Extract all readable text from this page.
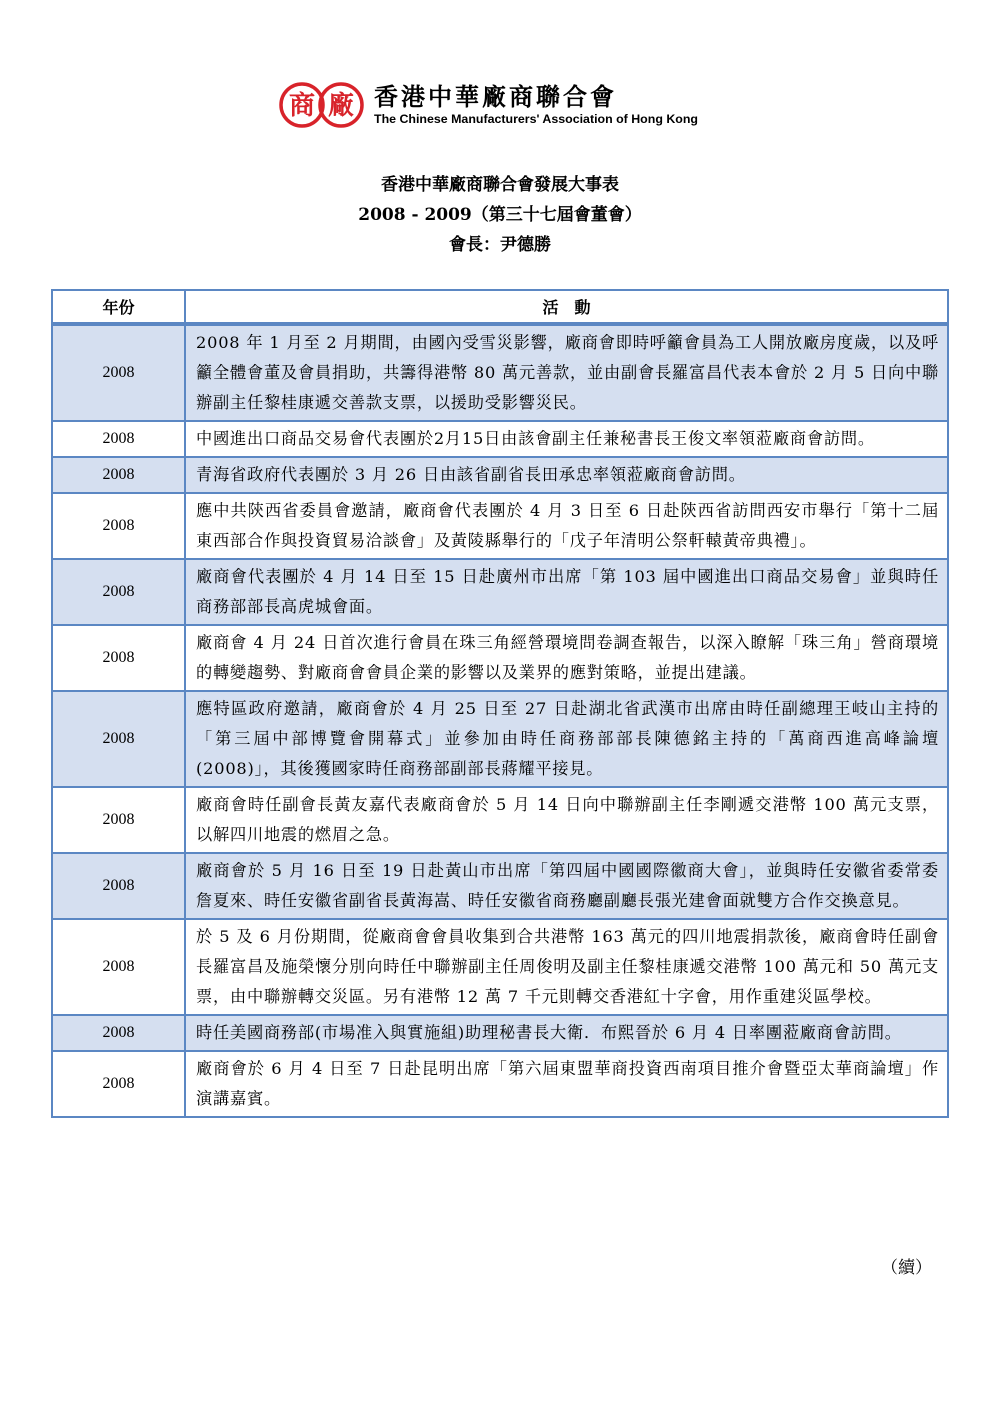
商 廠 香港中華廠商聯合會
The Chinese Manufacturers' Association of Hong Kong
香港中華廠商聯合會發展大事表
2008 - 2009（第三十七屆會董會）
會長：尹德勝
年份	活　動
2008	2008 年 1 月至 2 月期間，由國內受雪災影響，廠商會即時呼籲會員為工人開放廠房度歲，以及呼籲全體會董及會員捐助，共籌得港幣 80 萬元善款，並由副會長羅富昌代表本會於 2 月 5 日向中聯辦副主任黎桂康遞交善款支票，以援助受影響災民。
2008	中國進出口商品交易會代表團於2月15日由該會副主任兼秘書長王俊文率領蒞廠商會訪問。
2008	青海省政府代表團於 3 月 26 日由該省副省長田承忠率領蒞廠商會訪問。
2008	應中共陝西省委員會邀請，廠商會代表團於 4 月 3 日至 6 日赴陝西省訪問西安市舉行「第十二屆東西部合作與投資貿易洽談會」及黃陵縣舉行的「戊子年清明公祭軒轅黃帝典禮」。
2008	廠商會代表團於 4 月 14 日至 15 日赴廣州市出席「第 103 屆中國進出口商品交易會」並與時任商務部部長高虎城會面。
2008	廠商會 4 月 24 日首次進行會員在珠三角經營環境問卷調查報告，以深入瞭解「珠三角」營商環境的轉變趨勢、對廠商會會員企業的影響以及業界的應對策略，並提出建議。
2008	應特區政府邀請，廠商會於 4 月 25 日至 27 日赴湖北省武漢市出席由時任副總理王岐山主持的「第三屆中部博覽會開幕式」並參加由時任商務部部長陳德銘主持的「萬商西進高峰論壇(2008)」，其後獲國家時任商務部副部長蔣耀平接見。
2008	廠商會時任副會長黃友嘉代表廠商會於 5 月 14 日向中聯辦副主任李剛遞交港幣 100 萬元支票，以解四川地震的燃眉之急。
2008	廠商會於 5 月 16 日至 19 日赴黃山市出席「第四屆中國國際徽商大會」，並與時任安徽省委常委詹夏來、時任安徽省副省長黃海嵩、時任安徽省商務廳副廳長張光建會面就雙方合作交換意見。
2008	於 5 及 6 月份期間，從廠商會會員收集到合共港幣 163 萬元的四川地震捐款後，廠商會時任副會長羅富昌及施榮懷分別向時任中聯辦副主任周俊明及副主任黎桂康遞交港幣 100 萬元和 50 萬元支票，由中聯辦轉交災區。另有港幣 12 萬 7 千元則轉交香港紅十字會，用作重建災區學校。
2008	時任美國商務部(市場准入與實施組)助理秘書長大衛．布熙晉於 6 月 4 日率團蒞廠商會訪問。
2008	廠商會於 6 月 4 日至 7 日赴昆明出席「第六屆東盟華商投資西南項目推介會暨亞太華商論壇」作演講嘉賓。
（續）
